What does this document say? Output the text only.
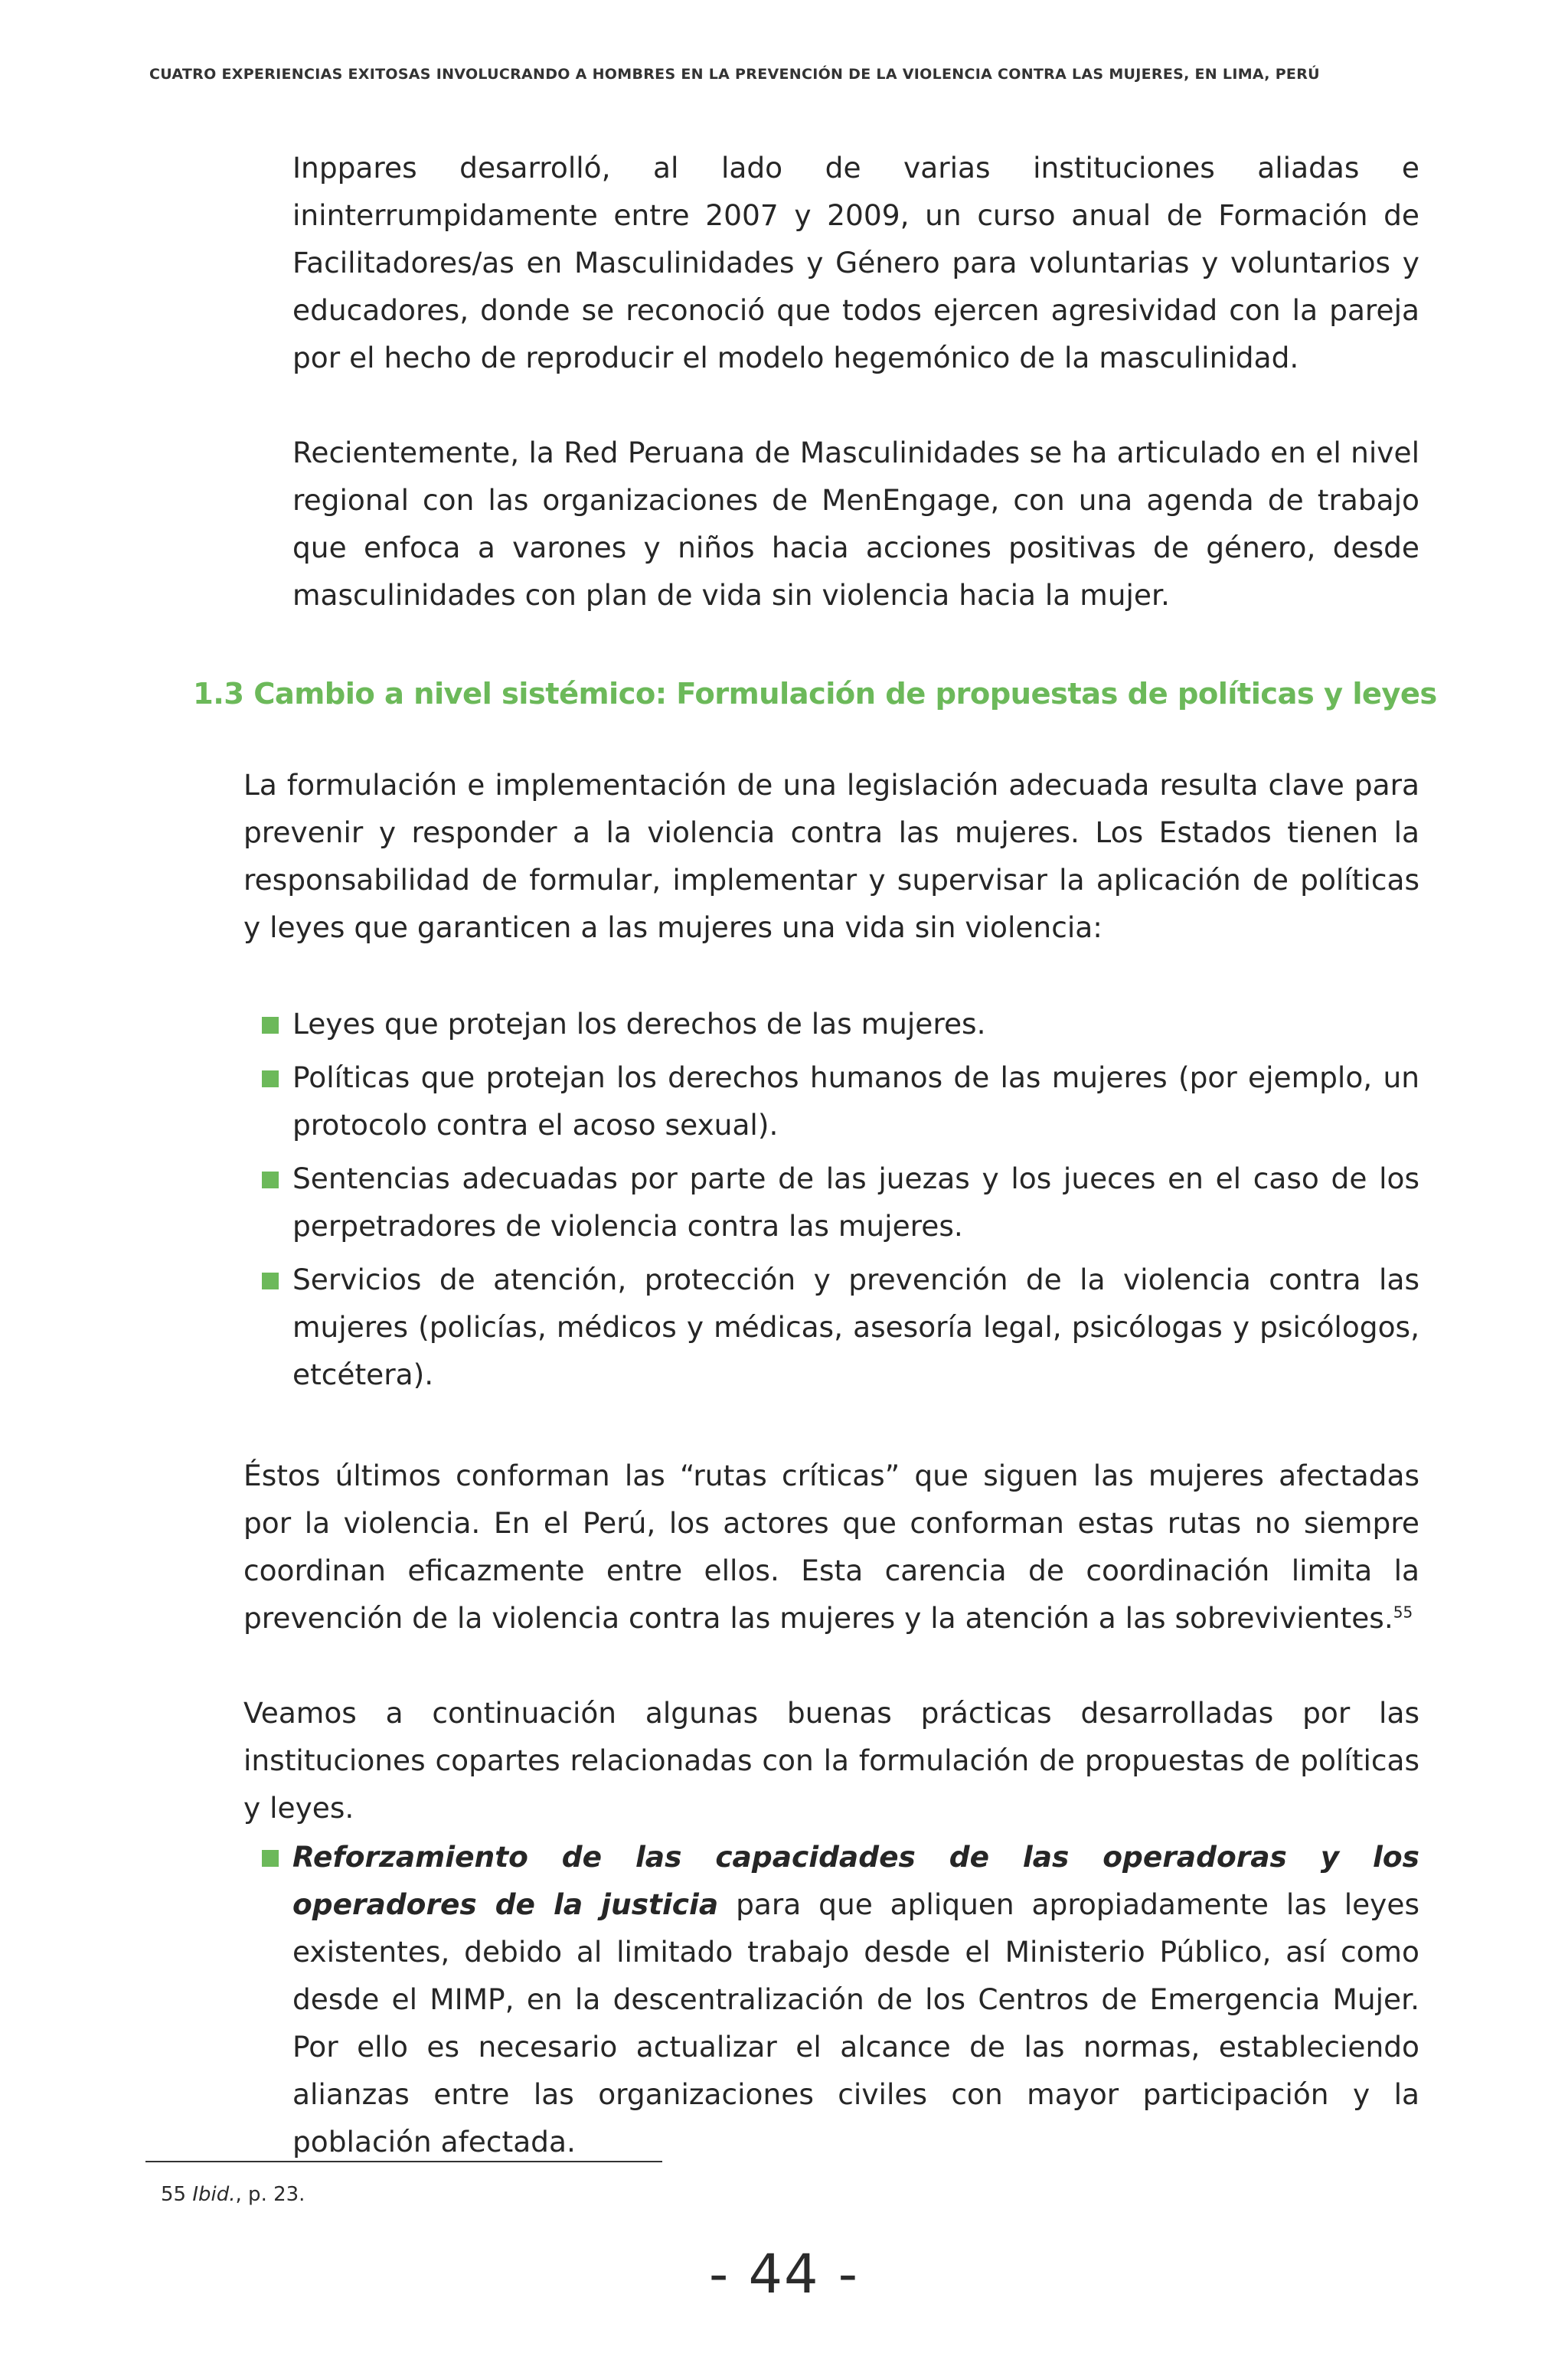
CUATRO EXPERIENCIAS EXITOSAS INVOLUCRANDO A HOMBRES EN LA PREVENCIÓN DE LA VIOLENCIA CONTRA LAS MUJERES, EN LIMA, PERÚ

Inppares desarrolló, al lado de varias instituciones aliadas e ininterrumpidamente entre 2007 y 2009, un curso anual de Formación de Facilitadores/as en Masculinidades y Género para voluntarias y voluntarios y educadores, donde se reconoció que todos ejercen agresividad con la pareja por el hecho de reproducir el modelo hegemónico de la masculinidad.

Recientemente, la Red Peruana de Masculinidades se ha articulado en el nivel regional con las organizaciones de MenEngage, con una agenda de trabajo que enfoca a varones y niños hacia acciones positivas de género, desde masculinidades con plan de vida sin violencia hacia la mujer.

1.3 Cambio a nivel sistémico: Formulación de propuestas de políticas y leyes

La formulación e implementación de una legislación adecuada resulta clave para prevenir y responder a la violencia contra las mujeres. Los Estados tienen la responsabilidad de formular, implementar y supervisar la aplicación de políticas y leyes que garanticen a las mujeres una vida sin violencia:

Leyes que protejan los derechos de las mujeres.
Políticas que protejan los derechos humanos de las mujeres (por ejemplo, un protocolo contra el acoso sexual).
Sentencias adecuadas por parte de las juezas y los jueces en el caso de los perpetradores de violencia contra las mujeres.
Servicios de atención, protección y prevención de la violencia contra las mujeres (policías, médicos y médicas, asesoría legal, psicólogas y psicólogos, etcétera).

Éstos últimos conforman las “rutas críticas” que siguen las mujeres afectadas por la violencia. En el Perú, los actores que conforman estas rutas no siempre coordinan eficazmente entre ellos. Esta carencia de coordinación limita la prevención de la violencia contra las mujeres y la atención a las sobrevivientes.$^{55}$

Veamos a continuación algunas buenas prácticas desarrolladas por las instituciones copartes relacionadas con la formulación de propuestas de políticas y leyes.

Reforzamiento de las capacidades de las operadoras y los operadores de la justicia para que apliquen apropiadamente las leyes existentes, debido al limitado trabajo desde el Ministerio Público, así como desde el MIMP, en la descentralización de los Centros de Emergencia Mujer. Por ello es necesario actualizar el alcance de las normas, estableciendo alianzas entre las organizaciones civiles con mayor participación y la población afectada.
55 Ibid., p. 23.
- 44 -
